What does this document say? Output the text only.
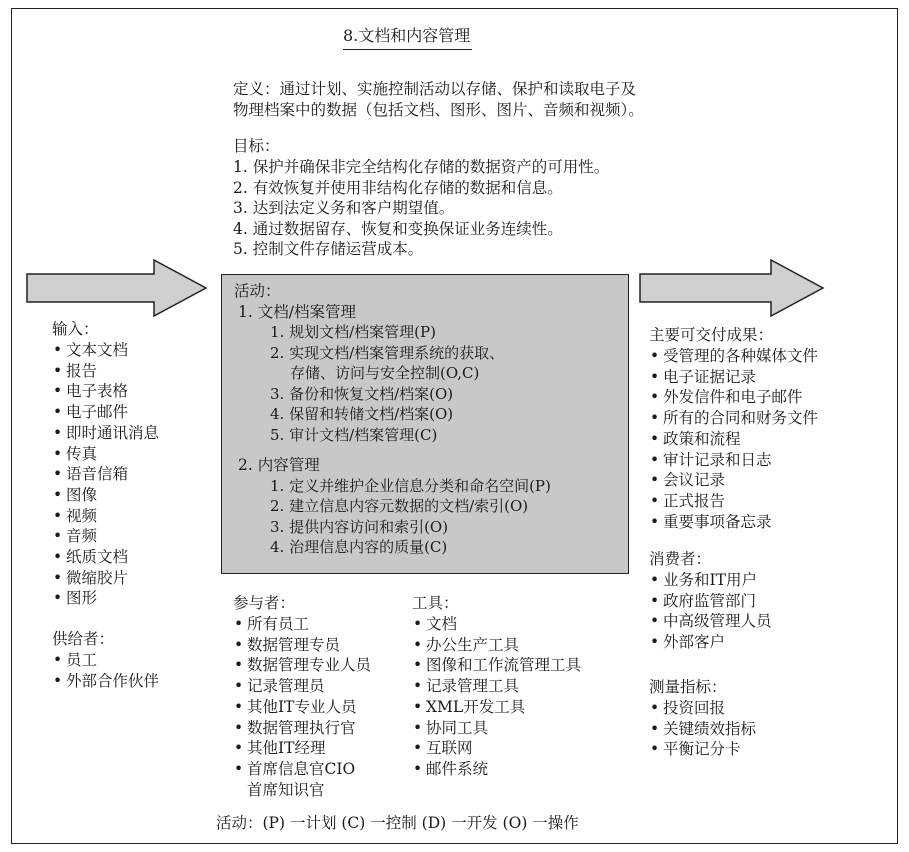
8.文档和内容管理
定义：通过计划、实施控制活动以存储、保护和读取电子及
物理档案中的数据（包括文档、图形、图片、音频和视频）。
目标：
1. 保护并确保非完全结构化存储的数据资产的可用性。
2. 有效恢复并使用非结构化存储的数据和信息。
3. 达到法定义务和客户期望值。
4. 通过数据留存、恢复和变换保证业务连续性。
5. 控制文件存储运营成本。
活动：
1. 文档/档案管理
1. 规划文档/档案管理(P)
2. 实现文档/档案管理系统的获取、
存储、访问与安全控制(O,C)
3. 备份和恢复文档/档案(O)
4. 保留和转储文档/档案(O)
5. 审计文档/档案管理(C)
2. 内容管理
1. 定义并维护企业信息分类和命名空间(P)
2. 建立信息内容元数据的文档/索引(O)
3. 提供内容访问和索引(O)
4. 治理信息内容的质量(C)
输入：
• 文本文档
• 报告
• 电子表格
• 电子邮件
• 即时通讯消息
• 传真
• 语音信箱
• 图像
• 视频
• 音频
• 纸质文档
• 微缩胶片
• 图形
供给者：
• 员工
• 外部合作伙伴
参与者：
• 所有员工
• 数据管理专员
• 数据管理专业人员
• 记录管理员
• 其他IT专业人员
• 数据管理执行官
• 其他IT经理
• 首席信息官CIO
首席知识官
工具：
• 文档
• 办公生产工具
• 图像和工作流管理工具
• 记录管理工具
• XML开发工具
• 协同工具
• 互联网
• 邮件系统
主要可交付成果：
• 受管理的各种媒体文件
• 电子证据记录
• 外发信件和电子邮件
• 所有的合同和财务文件
• 政策和流程
• 审计记录和日志
• 会议记录
• 正式报告
• 重要事项备忘录
消费者：
• 业务和IT用户
• 政府监管部门
• 中高级管理人员
• 外部客户
测量指标：
• 投资回报
• 关键绩效指标
• 平衡记分卡
活动：(P) 一计划 (C) 一控制 (D) 一开发 (O) 一操作
